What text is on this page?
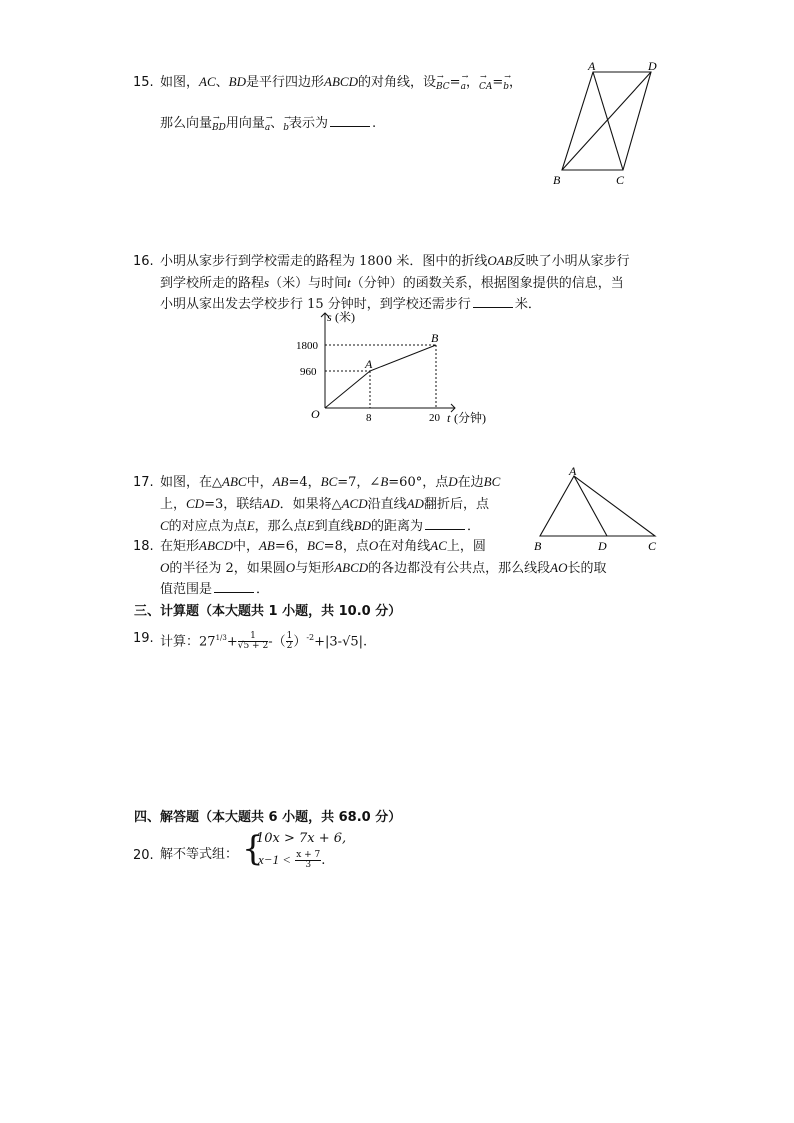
15. 如图，AC、BD是平行四边形ABCD的对角线，设→ BC=→ a，→ CA=→ b，
那么向量→ BD用向量→ a、→ b表示为	.
A	D
B	C
16. 小明从家步行到学校需走的路程为 1800 米．图中的折线OAB反映了小明从家步行
到学校所走的路程s（米）与时间t（分钟）的函数关系，根据图象提供的信息，当
小明从家出发去学校步行 15 分钟时，到学校还需步行	米．
s (米)
1800
960
O	8	20 t (分钟)
A
B
17. 如图，在△ABC中，AB=4，BC=7，∠B=60°，点D在边BC
上，CD=3，联结AD．如果将△ACD沿直线AD翻折后，点
C的对应点为点E，那么点E到直线BD的距离为	．
A
B	D	C
18. 在矩形ABCD中，AB=6，BC=8，点O在对角线AC上，圆
O的半径为 2，如果圆O与矩形ABCD的各边都没有公共点，那么线段AO长的取
值范围是	．
三、计算题（本大题共 1 小题，共 10.0 分）
19. 计算：$27^{1/3}+ \frac{1}{√5 + 2}$ -（ $\frac{1}{2} )^{-2}+|3-√5|$.
四、解答题（本大题共 6 小题，共 68.0 分）
20. 解不等式组： {
10x > 7x + 6,
$x-1 < \frac{x + 7}{3}$ .
